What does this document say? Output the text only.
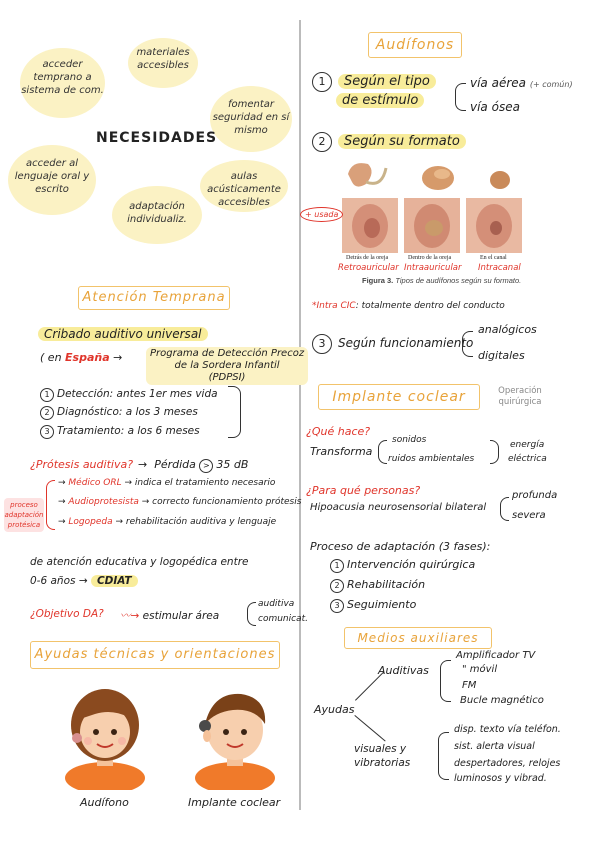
acceder temprano a sistema de com.
materiales accesibles
fomentar seguridad en sí mismo
aulas acústicamente accesibles
adaptación individualiz.
acceder al lenguaje oral y escrito
NECESIDADES
Atención Temprana
Cribado auditivo universal
( en España →	Programa de Detección Precoz
de la Sordera Infantil
(PDPSI)
1 Detección: antes 1er mes vida
2 Diagnóstico: a los 3 meses
3 Tratamiento: a los 6 meses
¿Prótesis auditiva? →  Pérdida > 35 dB
proceso adaptación protésica
→ Médico ORL → indica el tratamiento necesario
→ Audioprotesista → correcto funcionamiento prótesis
→ Logopeda → rehabilitación auditiva y lenguaje
de atención educativa y logopédica entre
0-6 años → CDIAT
¿Objetivo DA? 〰→ estimular área
auditiva
comunicat.
Ayudas técnicas y orientaciones
Audífono	Implante coclear
Audífonos
1 Según el tipo
de estímulo
vía aérea (+ común)
vía ósea
2 Según su formato
+ usada
Detrás de la oreja	Dentro de la oreja	En el canal
Retroauricular Intraauricular Intracanal
Figura 3. Tipos de audífonos según su formato.
*Intra CIC: totalmente dentro del conducto
3 Según funcionamiento
analógicos
digitales
Implante coclear	Operación quirúrgica
¿Qué hace?
Transforma
sonidos
ruidos ambientales
energía
eléctrica
¿Para qué personas?
Hipoacusia neurosensorial bilateral
profunda
severa
Proceso de adaptación (3 fases):
1 Intervención quirúrgica
2 Rehabilitación
3 Seguimiento
Medios auxiliares
Ayudas
Auditivas
Amplificador TV
" móvil
FM
Bucle magnético
visuales y vibratorias
disp. texto vía teléfon.
sist. alerta visual
despertadores, relojes
luminosos y vibrad.
